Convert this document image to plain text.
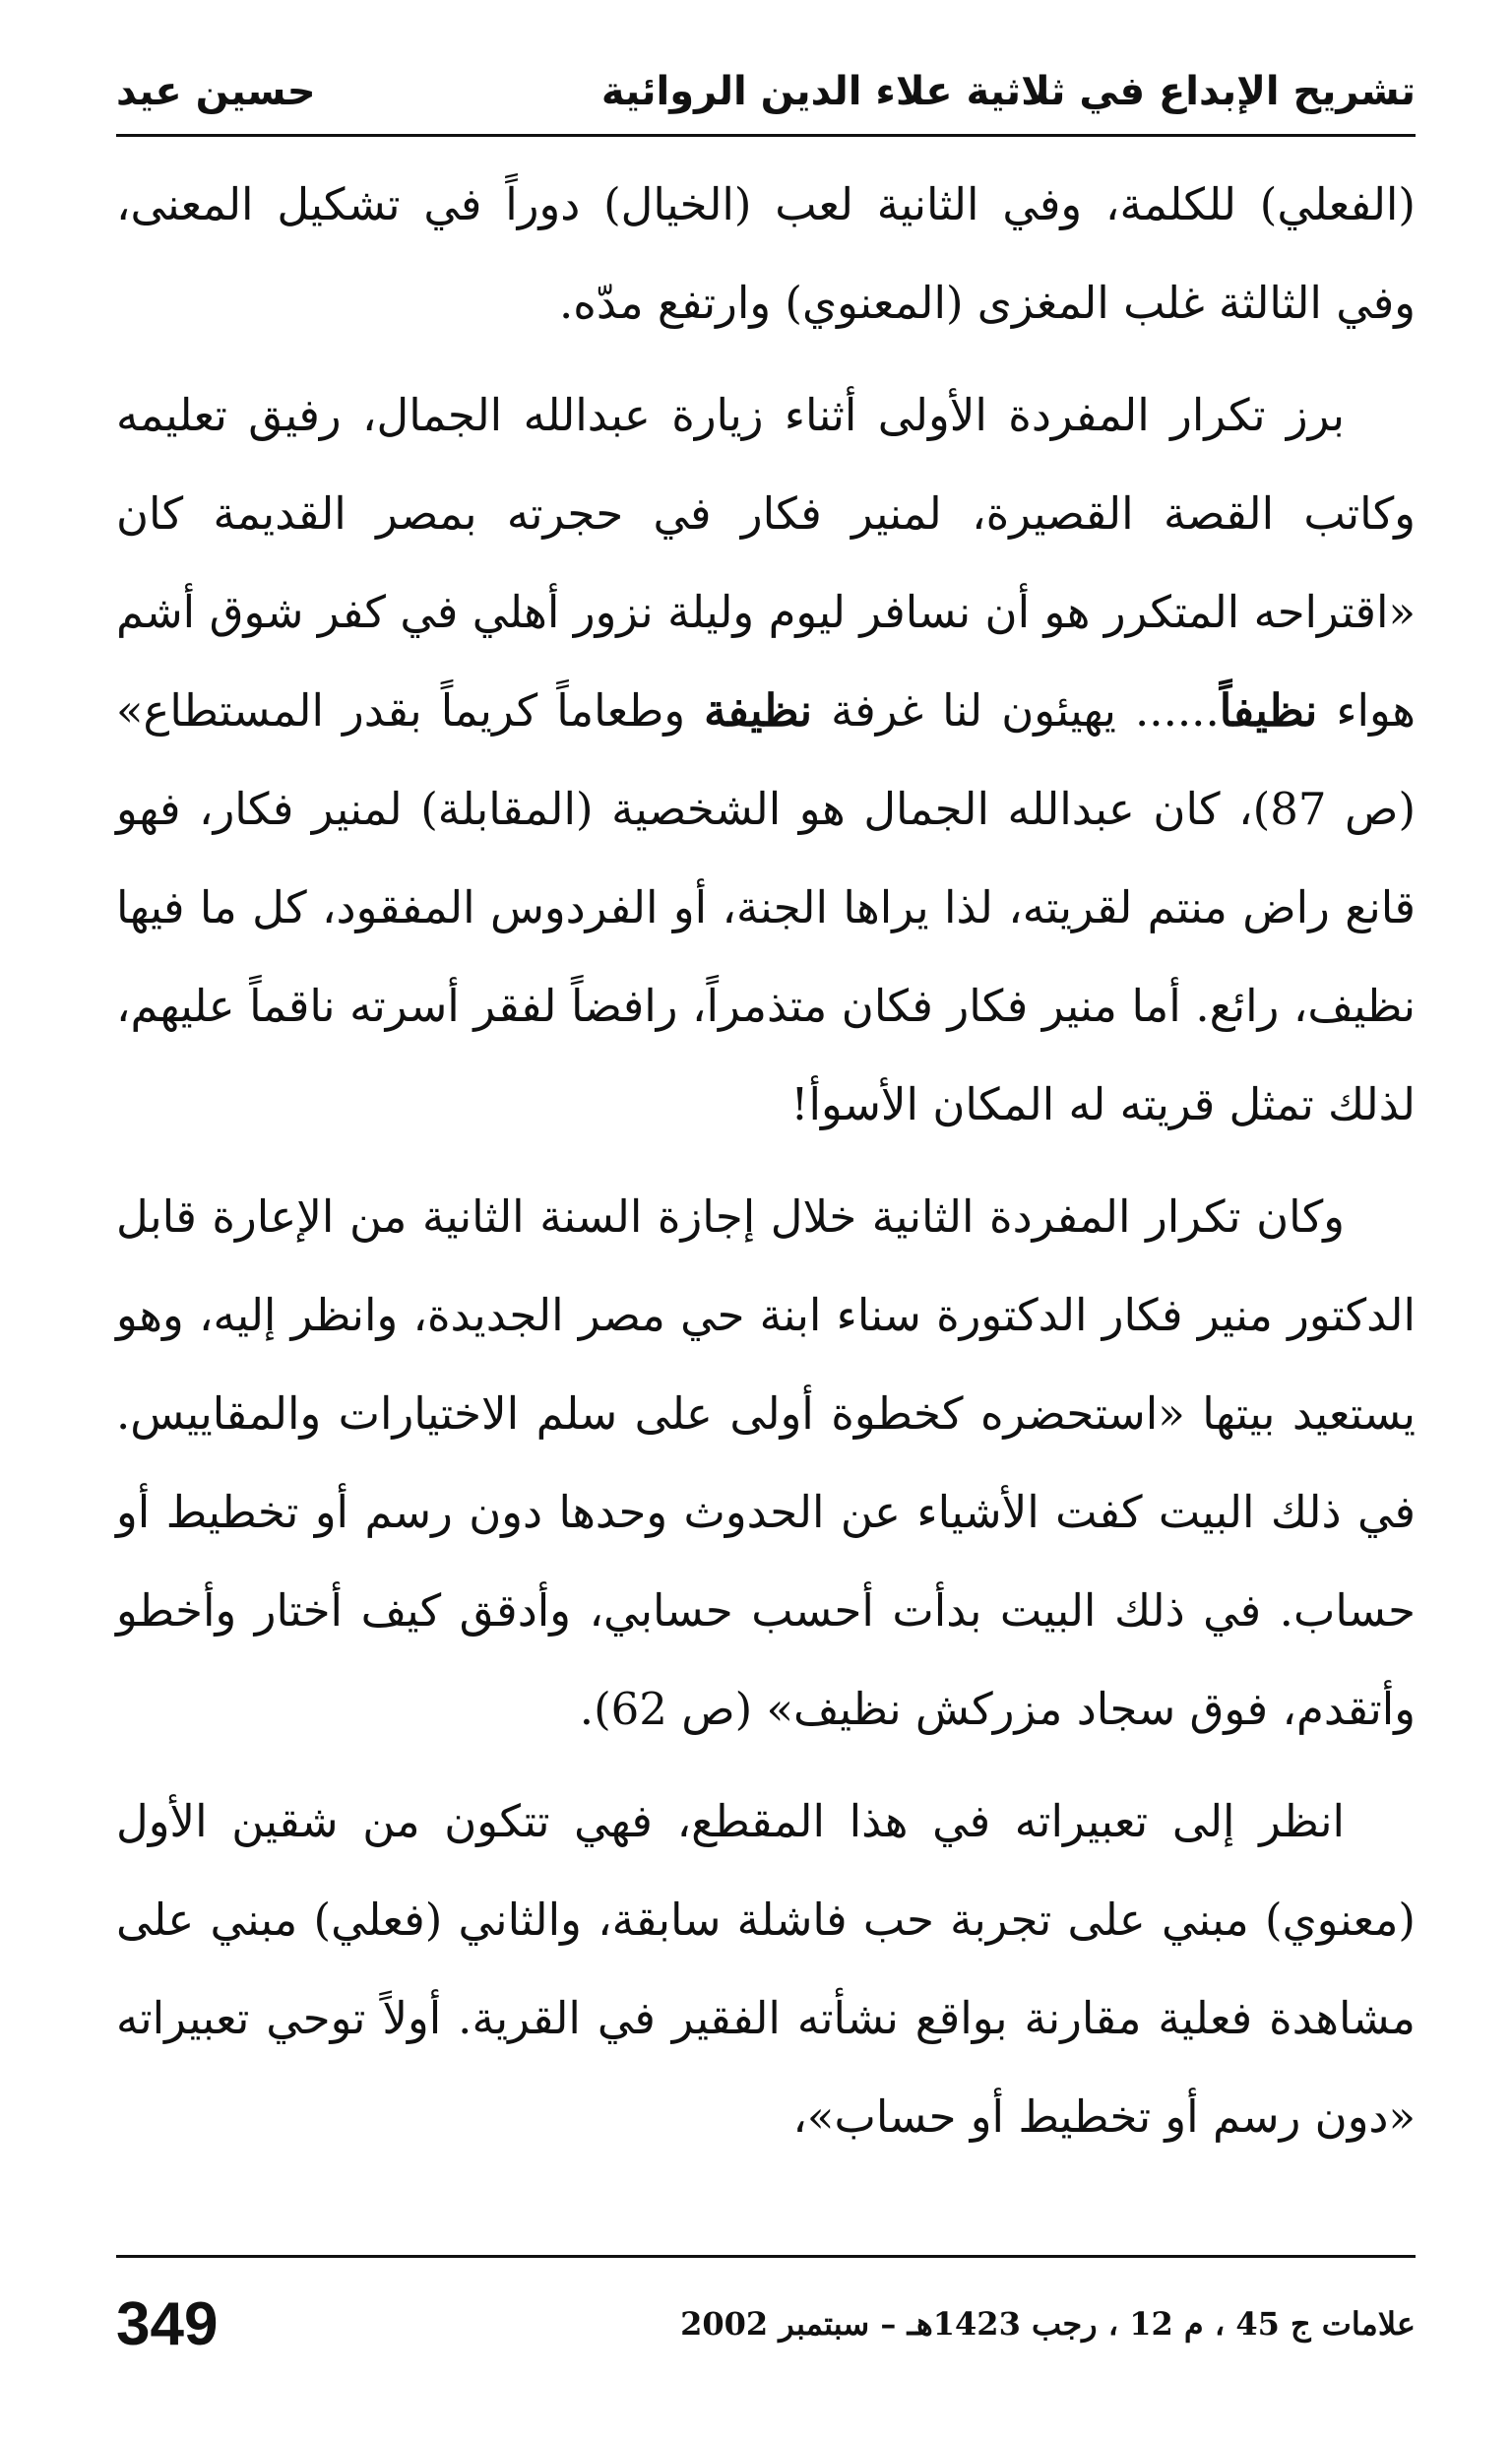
تشريح الإبداع في ثلاثية علاء الدين الروائية
حسين عيد

(الفعلي) للكلمة، وفي الثانية لعب (الخيال) دوراً في تشكيل المعنى، وفي الثالثة غلب المغزى (المعنوي) وارتفع مدّه.

برز تكرار المفردة الأولى أثناء زيارة عبدالله الجمال، رفيق تعليمه وكاتب القصة القصيرة، لمنير فكار في حجرته بمصر القديمة كان «اقتراحه المتكرر هو أن نسافر ليوم وليلة نزور أهلي في كفر شوق أشم هواء نظيفاً...... يهيئون لنا غرفة نظيفة وطعاماً كريماً بقدر المستطاع» (ص 87)، كان عبدالله الجمال هو الشخصية (المقابلة) لمنير فكار، فهو قانع راض منتم لقريته، لذا يراها الجنة، أو الفردوس المفقود، كل ما فيها نظيف، رائع. أما منير فكار فكان متذمراً، رافضاً لفقر أسرته ناقماً عليهم، لذلك تمثل قريته له المكان الأسوأ!

وكان تكرار المفردة الثانية خلال إجازة السنة الثانية من الإعارة قابل الدكتور منير فكار الدكتورة سناء ابنة حي مصر الجديدة، وانظر إليه، وهو يستعيد بيتها «استحضره كخطوة أولى على سلم الاختيارات والمقاييس. في ذلك البيت كفت الأشياء عن الحدوث وحدها دون رسم أو تخطيط أو حساب. في ذلك البيت بدأت أحسب حسابي، وأدقق كيف أختار وأخطو وأتقدم، فوق سجاد مزركش نظيف» (ص 62).

انظر إلى تعبيراته في هذا المقطع، فهي تتكون من شقين الأول (معنوي) مبني على تجربة حب فاشلة سابقة، والثاني (فعلي) مبني على مشاهدة فعلية مقارنة بواقع نشأته الفقير في القرية. أولاً توحي تعبيراته «دون رسم أو تخطيط أو حساب»،

علامات ج 45 ، م 12 ، رجب 1423هـ – سبتمبر 2002
349
